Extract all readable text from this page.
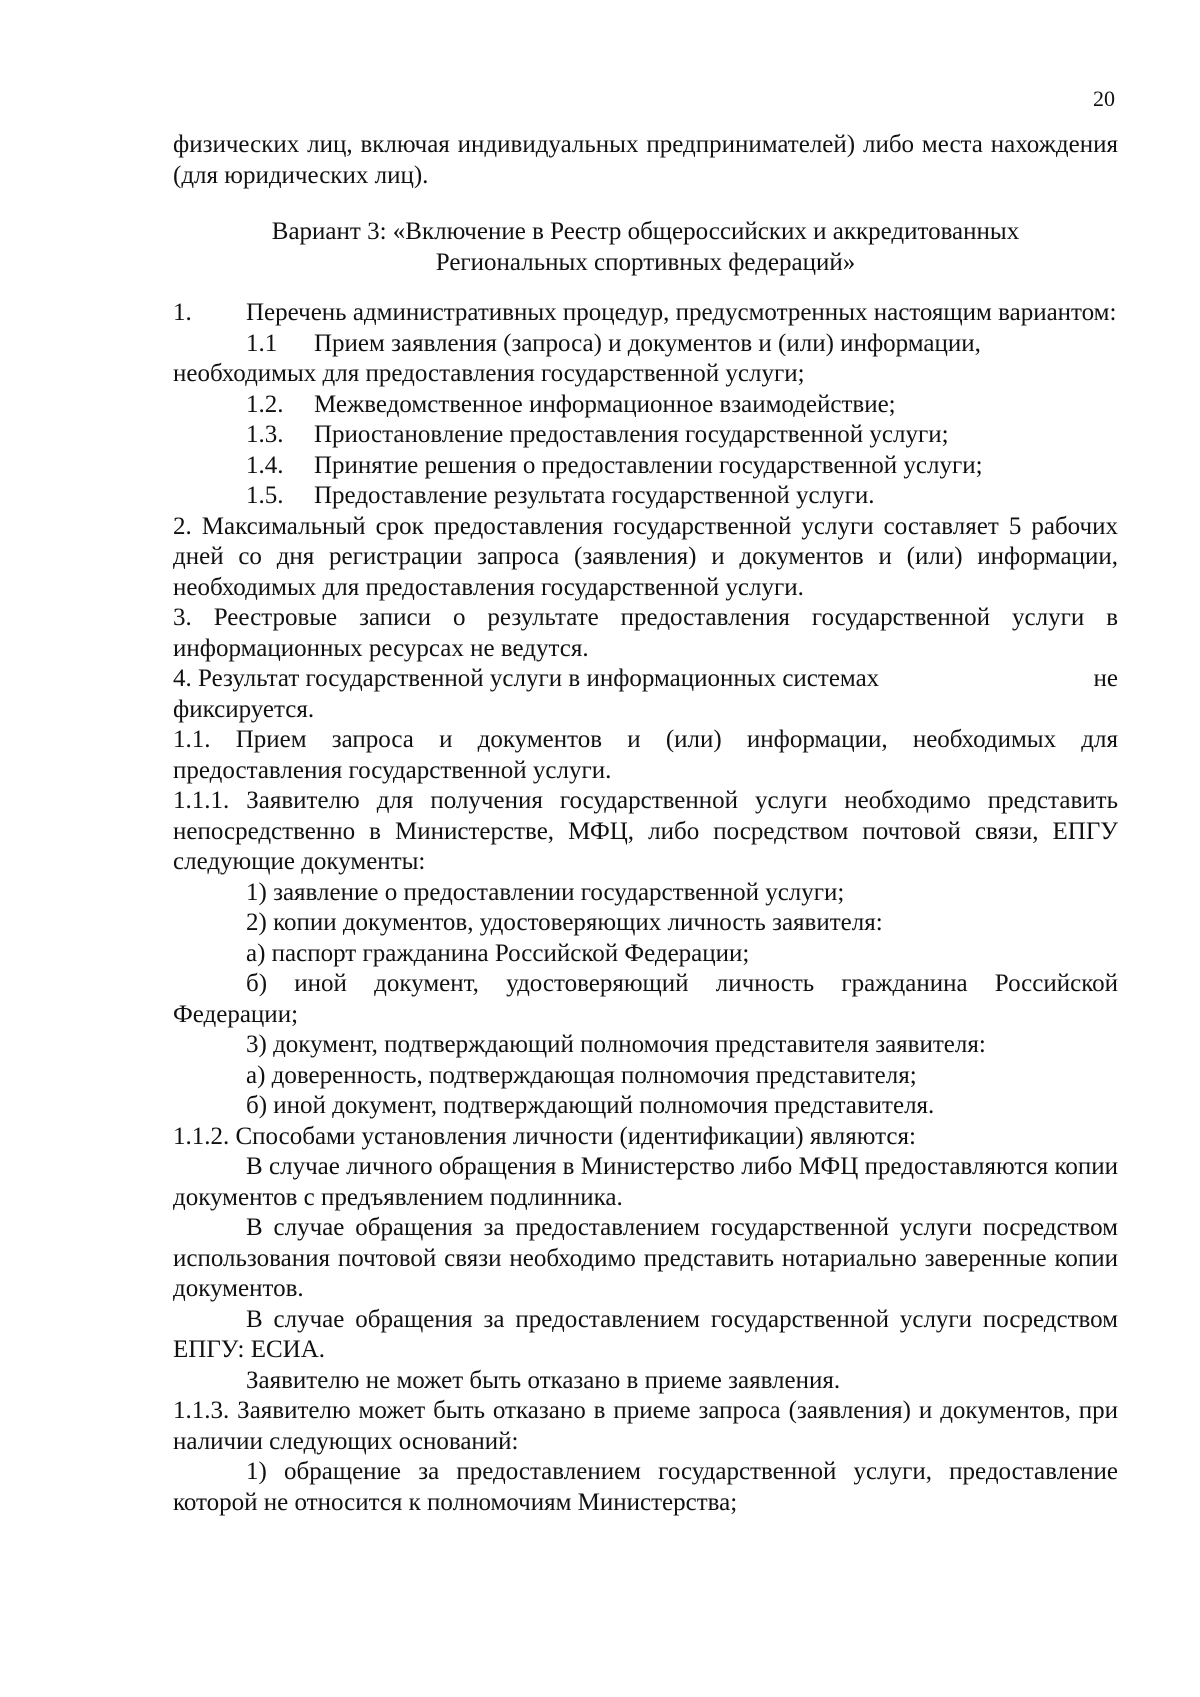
20

физических лиц, включая индивидуальных предпринимателей) либо места нахождения (для юридических лиц).

Вариант 3: «Включение в Реестр общероссийских и аккредитованных
Региональных спортивных федераций»
1.	Перечень административных процедур, предусмотренных настоящим вариантом:
1.1	Прием заявления (запроса) и документов и (или) информации,

необходимых для предоставления государственной услуги;

1.2.	Межведомственное информационное взаимодействие;
1.3.	Приостановление предоставления государственной услуги;
1.4.	Принятие решения о предоставлении государственной услуги;
1.5.	Предоставление результата государственной услуги.

2. Максимальный срок предоставления государственной услуги составляет 5 рабочих дней со дня регистрации запроса (заявления) и документов и (или) информации, необходимых для предоставления государственной услуги.

3. Реестровые записи о результате предоставления государственной услуги в информационных ресурсах не ведутся.

4. Результат государственной услуги в информационных системах	не

фиксируется.

1.1. Прием запроса и документов и (или) информации, необходимых для предоставления государственной услуги.

1.1.1. Заявителю для получения государственной услуги необходимо представить непосредственно в Министерстве, МФЦ, либо посредством почтовой связи, ЕПГУ следующие документы:

1) заявление о предоставлении государственной услуги;

2) копии документов, удостоверяющих личность заявителя:

а) паспорт гражданина Российской Федерации;

б) иной документ, удостоверяющий личность гражданина Российской Федерации;

3) документ, подтверждающий полномочия представителя заявителя:

а) доверенность, подтверждающая полномочия представителя;

б) иной документ, подтверждающий полномочия представителя.

1.1.2. Способами установления личности (идентификации) являются:

В случае личного обращения в Министерство либо МФЦ предоставляются копии документов с предъявлением подлинника.

В случае обращения за предоставлением государственной услуги посредством использования почтовой связи необходимо представить нотариально заверенные копии документов.

В случае обращения за предоставлением государственной услуги посредством ЕПГУ: ЕСИА.

Заявителю не может быть отказано в приеме заявления.

1.1.3. Заявителю может быть отказано в приеме запроса (заявления) и документов, при наличии следующих оснований:

1) обращение за предоставлением государственной услуги, предоставление которой не относится к полномочиям Министерства;
